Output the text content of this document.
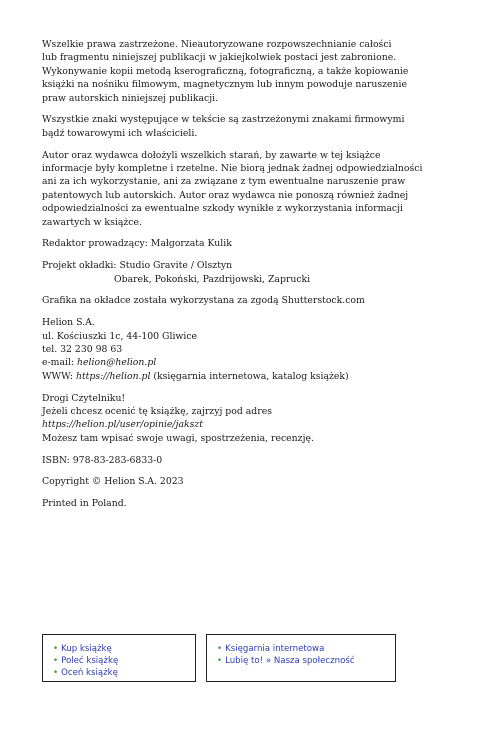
Wszelkie prawa zastrzeżone. Nieautoryzowane rozpowszechnianie całości
lub fragmentu niniejszej publikacji w jakiejkolwiek postaci jest zabronione.
Wykonywanie kopii metodą kserograficzną, fotograficzną, a także kopiowanie
książki na nośniku filmowym, magnetycznym lub innym powoduje naruszenie
praw autorskich niniejszej publikacji.

Wszystkie znaki występujące w tekście są zastrzeżonymi znakami firmowymi
bądź towarowymi ich właścicieli.

Autor oraz wydawca dołożyli wszelkich starań, by zawarte w tej książce
informacje były kompletne i rzetelne. Nie biorą jednak żadnej odpowiedzialności
ani za ich wykorzystanie, ani za związane z tym ewentualne naruszenie praw
patentowych lub autorskich. Autor oraz wydawca nie ponoszą również żadnej
odpowiedzialności za ewentualne szkody wynikłe z wykorzystania informacji
zawartych w książce.

Redaktor prowadzący: Małgorzata Kulik

Projekt okładki: Studio Gravite / Olsztyn
Obarek, Pokoński, Pazdrijowski, Zaprucki

Grafika na okładce została wykorzystana za zgodą Shutterstock.com

Helion S.A.
ul. Kościuszki 1c, 44-100 Gliwice
tel. 32 230 98 63
e-mail: helion@helion.pl
WWW: https://helion.pl (księgarnia internetowa, katalog książek)

Drogi Czytelniku!
Jeżeli chcesz ocenić tę książkę, zajrzyj pod adres
https://helion.pl/user/opinie/jakszt
Możesz tam wpisać swoje uwagi, spostrzeżenia, recenzję.

ISBN: 978-83-283-6833-0

Copyright © Helion S.A. 2023

Printed in Poland.

• Kup książkę
• Poleć książkę
• Oceń książkę
• Księgarnia internetowa
• Lubię to! » Nasza społeczność
